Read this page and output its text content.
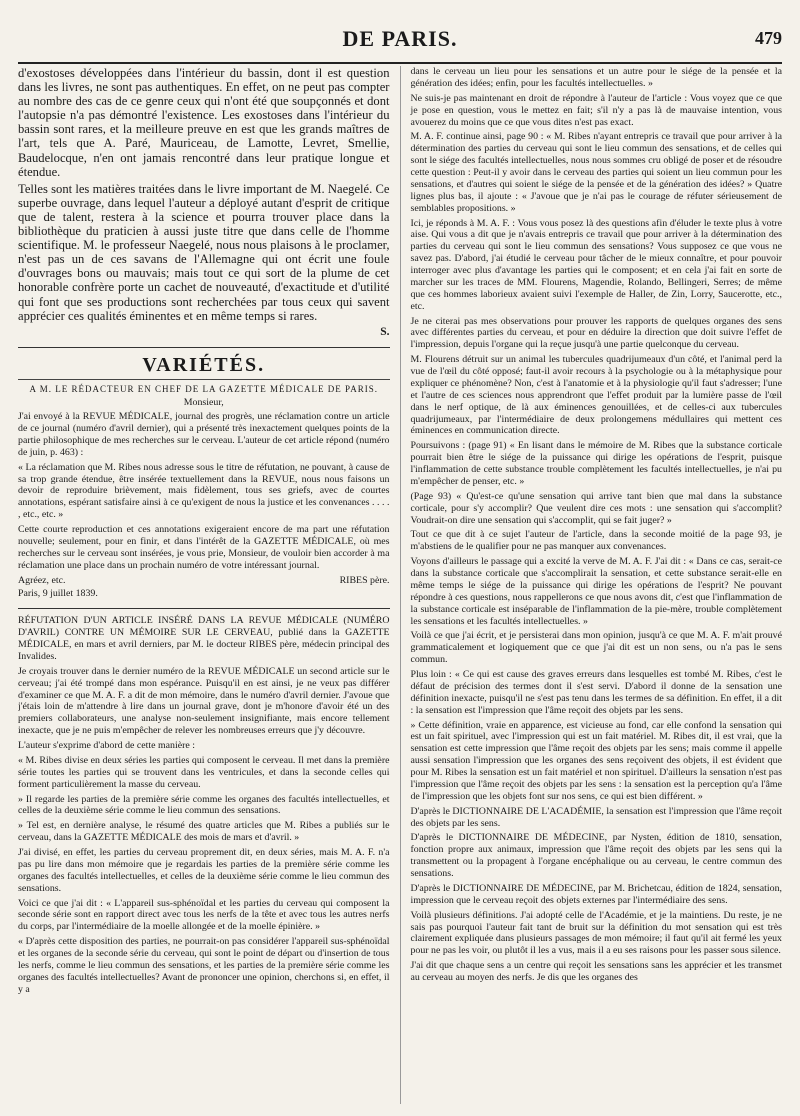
DE PARIS.	479

d'exostoses développées dans l'intérieur du bassin, dont il est question dans les livres, ne sont pas authentiques. En effet, on ne peut pas compter au nombre des cas de ce genre ceux qui n'ont été que soupçonnés et dont l'autopsie n'a pas démontré l'existence. Les exostoses dans l'intérieur du bassin sont rares, et la meilleure preuve en est que les grands maîtres de l'art, tels que A. Paré, Mauriceau, de Lamotte, Levret, Smellie, Baudelocque, n'en ont jamais rencontré dans leur pratique longue et étendue.

Telles sont les matières traitées dans le livre important de M. Naegelé. Ce superbe ouvrage, dans lequel l'auteur a déployé autant d'esprit de critique que de talent, restera à la science et pourra trouver place dans la bibliothèque du praticien à aussi juste titre que dans celle de l'homme scientifique. M. le professeur Naegelé, nous nous plaisons à le proclamer, n'est pas un de ces savans de l'Allemagne qui ont écrit une foule d'ouvrages bons ou mauvais; mais tout ce qui sort de la plume de cet honorable confrère porte un cachet de nouveauté, d'exactitude et d'utilité qui font que ses productions sont recherchées par tous ceux qui savent apprécier ces qualités éminentes et en même temps si rares.

S.

VARIÉTÉS.

A M. LE RÉDACTEUR EN CHEF DE LA GAZETTE MÉDICALE DE PARIS.

Monsieur,

J'ai envoyé à la REVUE MÉDICALE, journal des progrès, une réclamation contre un article de ce journal (numéro d'avril dernier), qui a présenté très inexactement quelques points de la partie philosophique de mes recherches sur le cerveau. L'auteur de cet article répond (numéro de juin, p. 463) :

« La réclamation que M. Ribes nous adresse sous le titre de réfutation, ne pouvant, à cause de sa trop grande étendue, être insérée textuellement dans la REVUE, nous nous faisons un devoir de reproduire brièvement, mais fidèlement, tous ses griefs, avec de courtes annotations, espérant satisfaire ainsi à ce qu'exigent de nous la justice et les convenances . . . . , etc., etc. »

Cette courte reproduction et ces annotations exigeraient encore de ma part une réfutation nouvelle; seulement, pour en finir, et dans l'intérêt de la GAZETTE MÉDICALE, où mes recherches sur le cerveau sont insérées, je vous prie, Monsieur, de vouloir bien accorder à ma réclamation une place dans un prochain numéro de votre intéressant journal.

Agréez, etc.	RIBES père.

Paris, 9 juillet 1839.

RÉFUTATION D'UN ARTICLE INSÉRÉ DANS LA REVUE MÉDICALE (NUMÉRO D'AVRIL) CONTRE UN MÉMOIRE SUR LE CERVEAU, publié dans la GAZETTE MÉDICALE, en mars et avril derniers, par M. le docteur RIBES père, médecin principal des Invalides.

Je croyais trouver dans le dernier numéro de la REVUE MÉDICALE un second article sur le cerveau; j'ai été trompé dans mon espérance. Puisqu'il en est ainsi, je ne veux pas différer d'examiner ce que M. A. F. a dit de mon mémoire, dans le numéro d'avril dernier. J'avoue que j'étais loin de m'attendre à lire dans un journal grave, dont je m'honore d'avoir été un des premiers collaborateurs, une analyse non-seulement insignifiante, mais encore tellement inexacte, que je ne puis m'empêcher de relever les nombreuses erreurs que j'y découvre.

L'auteur s'exprime d'abord de cette manière :

« M. Ribes divise en deux séries les parties qui composent le cerveau. Il met dans la première série toutes les parties qui se trouvent dans les ventricules, et dans la seconde celles qui forment particulièrement la masse du cerveau.

» Il regarde les parties de la première série comme les organes des facultés intellectuelles, et celles de la deuxième série comme le lieu commun des sensations.

» Tel est, en dernière analyse, le résumé des quatre articles que M. Ribes a publiés sur le cerveau, dans la GAZETTE MÉDICALE des mois de mars et d'avril. »

J'ai divisé, en effet, les parties du cerveau proprement dit, en deux séries, mais M. A. F. n'a pas pu lire dans mon mémoire que je regardais les parties de la première série comme les organes des facultés intellectuelles, et celles de la deuxième série comme le lieu commun des sensations.

Voici ce que j'ai dit : « L'appareil sus-sphénoïdal et les parties du cerveau qui composent la seconde série sont en rapport direct avec tous les nerfs de la tête et avec tous les autres nerfs du corps, par l'intermédiaire de la moelle allongée et de la moelle épinière. »

« D'après cette disposition des parties, ne pourrait-on pas considérer l'appareil sus-sphénoïdal et les organes de la seconde série du cerveau, qui sont le point de départ ou d'insertion de tous les nerfs, comme le lieu commun des sensations, et les parties de la première série comme les organes des facultés intellectuelles? Avant de prononcer une opinion, cherchons si, en effet, il y a

dans le cerveau un lieu pour les sensations et un autre pour le siége de la pensée et la génération des idées; enfin, pour les facultés intellectuelles. »

Ne suis-je pas maintenant en droit de répondre à l'auteur de l'article : Vous voyez que ce que je pose en question, vous le mettez en fait; s'il n'y a pas là de mauvaise intention, vous avouerez du moins que ce que vous dites n'est pas exact.

M. A. F. continue ainsi, page 90 : « M. Ribes n'ayant entrepris ce travail que pour arriver à la détermination des parties du cerveau qui sont le lieu commun des sensations, et de celles qui sont le siége des facultés intellectuelles, nous nous sommes cru obligé de poser et de résoudre cette question : Peut-il y avoir dans le cerveau des parties qui soient un lieu commun pour les sensations, et d'autres qui soient le siége de la pensée et de la génération des idées? » Quatre lignes plus bas, il ajoute : « J'avoue que je n'ai pas le courage de réfuter sérieusement de semblables propositions. »

Ici, je réponds à M. A. F. : Vous vous posez là des questions afin d'éluder le texte plus à votre aise. Qui vous a dit que je n'avais entrepris ce travail que pour arriver à la détermination des parties du cerveau qui sont le lieu commun des sensations? Vous supposez ce que vous ne savez pas. D'abord, j'ai étudié le cerveau pour tâcher de le mieux connaître, et pour pouvoir interroger avec plus d'avantage les parties qui le composent; et en cela j'ai fait en sorte de marcher sur les traces de MM. Flourens, Magendie, Rolando, Bellingeri, Serres; de même que ces hommes laborieux avaient suivi l'exemple de Haller, de Zin, Lorry, Saucerotte, etc., etc.

Je ne citerai pas mes observations pour prouver les rapports de quelques organes des sens avec différentes parties du cerveau, et pour en déduire la direction que doit suivre l'effet de l'impression, depuis l'organe qui la reçue jusqu'à une partie quelconque du cerveau.

M. Flourens détruit sur un animal les tubercules quadrijumeaux d'un côté, et l'animal perd la vue de l'œil du côté opposé; faut-il avoir recours à la psychologie ou à la métaphysique pour expliquer ce phénomène? Non, c'est à l'anatomie et à la physiologie qu'il faut s'adresser; l'une et l'autre de ces sciences nous apprendront que l'effet produit par la lumière passe de l'œil dans le nerf optique, de là aux éminences genouillées, et de celles-ci aux tubercules quadrijumeaux, par l'intermédiaire de deux prolongemens médullaires qui mettent ces éminences en communication directe.

Poursuivons : (page 91) « En lisant dans le mémoire de M. Ribes que la substance corticale pourrait bien être le siége de la puissance qui dirige les opérations de l'esprit, puisque l'inflammation de cette substance trouble complètement les facultés intellectuelles, je n'ai pu m'empêcher de penser, etc. »

(Page 93) « Qu'est-ce qu'une sensation qui arrive tant bien que mal dans la substance corticale, pour s'y accomplir? Que veulent dire ces mots : une sensation qui s'accomplit? Voudrait-on dire une sensation qui s'accomplit, qui se fait juger? »

Tout ce que dit à ce sujet l'auteur de l'article, dans la seconde moitié de la page 93, je m'abstiens de le qualifier pour ne pas manquer aux convenances.

Voyons d'ailleurs le passage qui a excité la verve de M. A. F. J'ai dit : « Dans ce cas, serait-ce dans la substance corticale que s'accomplirait la sensation, et cette substance serait-elle en même temps le siége de la puissance qui dirige les opérations de l'esprit? Ne pouvant répondre à ces questions, nous rappellerons ce que nous avons dit, c'est que l'inflammation de la substance corticale est inséparable de l'inflammation de la pie-mère, trouble complètement les sensations et les facultés intellectuelles. »

Voilà ce que j'ai écrit, et je persisterai dans mon opinion, jusqu'à ce que M. A. F. m'ait prouvé grammaticalement et logiquement que ce que j'ai dit est un non sens, ou n'a pas le sens commun.

Plus loin : « Ce qui est cause des graves erreurs dans lesquelles est tombé M. Ribes, c'est le défaut de précision des termes dont il s'est servi. D'abord il donne de la sensation une définition inexacte, puisqu'il ne s'est pas tenu dans les termes de sa définition. En effet, il a dit : la sensation est l'impression que l'âme reçoit des objets par les sens.

» Cette définition, vraie en apparence, est vicieuse au fond, car elle confond la sensation qui est un fait spirituel, avec l'impression qui est un fait matériel. M. Ribes dit, il est vrai, que la sensation est cette impression que l'âme reçoit des objets par les sens; mais comme il appelle aussi sensation l'impression que les organes des sens reçoivent des objets, il est évident que pour M. Ribes la sensation est un fait matériel et non spirituel. D'ailleurs la sensation n'est pas l'impression que l'âme reçoit des objets par les sens : la sensation est la perception qu'a l'âme de l'impression que les objets font sur nos sens, ce qui est bien différent. »

D'après le DICTIONNAIRE DE L'ACADÉMIE, la sensation est l'impression que l'âme reçoit des objets par les sens.

D'après le DICTIONNAIRE DE MÉDECINE, par Nysten, édition de 1810, sensation, fonction propre aux animaux, impression que l'âme reçoit des objets par les sens qui la transmettent ou la propagent à l'organe encéphalique ou au cerveau, le centre commun des sensations.

D'après le DICTIONNAIRE DE MÉDECINE, par M. Brichetcau, édition de 1824, sensation, impression que le cerveau reçoit des objets externes par l'intermédiaire des sens.

Voilà plusieurs définitions. J'ai adopté celle de l'Académie, et je la maintiens. Du reste, je ne sais pas pourquoi l'auteur fait tant de bruit sur la définition du mot sensation qui est très clairement expliquée dans plusieurs passages de mon mémoire; il faut qu'il ait fermé les yeux pour ne pas les voir, ou plutôt il les a vus, mais il a eu ses raisons pour les passer sous silence.

J'ai dit que chaque sens a un centre qui reçoit les sensations sans les apprécier et les transmet au cerveau au moyen des nerfs. Je dis que les organes des
